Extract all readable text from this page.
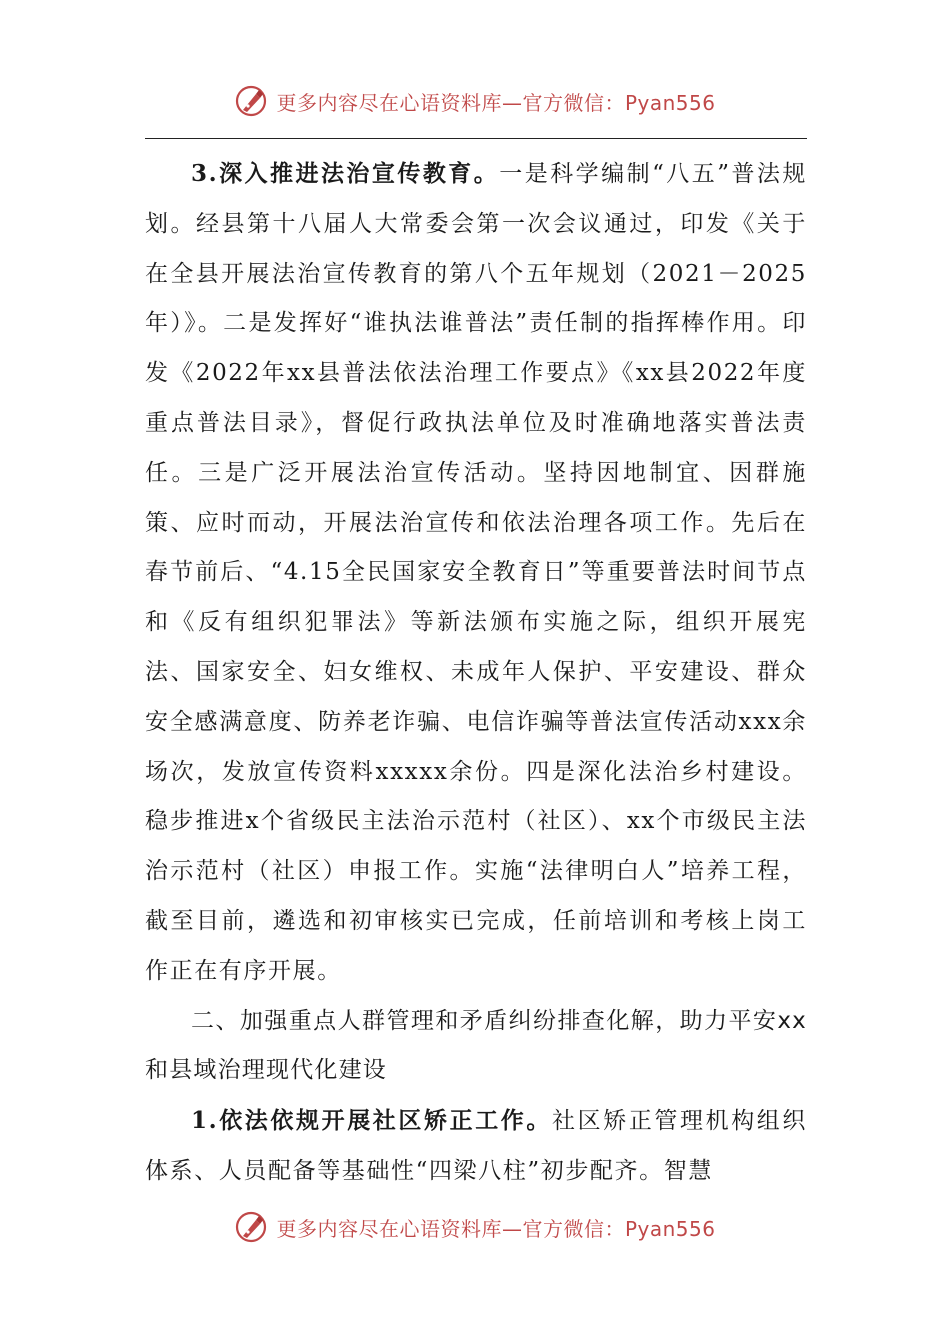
更多内容尽在心语资料库—官方微信：Pyan556

3.深入推进法治宣传教育。一是科学编制“八五”普法规划。经县第十八届人大常委会第一次会议通过，印发《关于在全县开展法治宣传教育的第八个五年规划（2021－2025年）》。二是发挥好“谁执法谁普法”责任制的指挥棒作用。印发《2022年xx县普法依法治理工作要点》《xx县2022年度重点普法目录》，督促行政执法单位及时准确地落实普法责任。三是广泛开展法治宣传活动。坚持因地制宜、因群施策、应时而动，开展法治宣传和依法治理各项工作。先后在春节前后、“4.15全民国家安全教育日”等重要普法时间节点和《反有组织犯罪法》等新法颁布实施之际，组织开展宪法、国家安全、妇女维权、未成年人保护、平安建设、群众安全感满意度、防养老诈骗、电信诈骗等普法宣传活动xxx余场次，发放宣传资料xxxxx余份。四是深化法治乡村建设。稳步推进x个省级民主法治示范村（社区）、xx个市级民主法治示范村（社区）申报工作。实施“法律明白人”培养工程，截至目前，遴选和初审核实已完成，任前培训和考核上岗工作正在有序开展。

二、加强重点人群管理和矛盾纠纷排查化解，助力平安xx和县域治理现代化建设

1.依法依规开展社区矫正工作。社区矫正管理机构组织体系、人员配备等基础性“四梁八柱”初步配齐。智慧

更多内容尽在心语资料库—官方微信：Pyan556
